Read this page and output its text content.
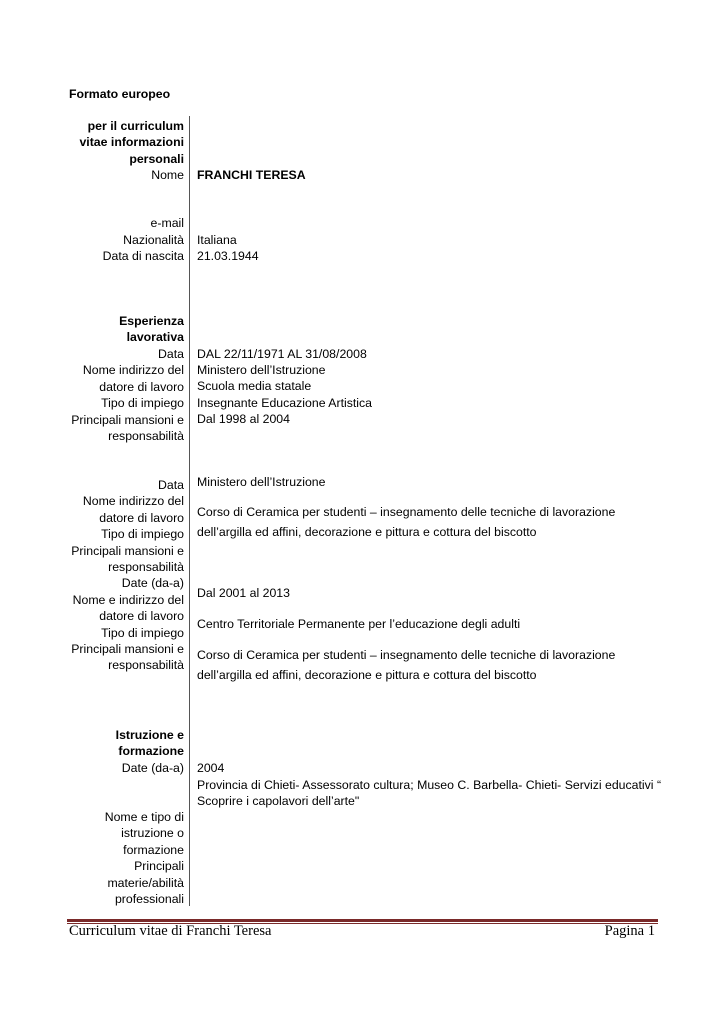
Formato europeo
per il curriculum
vitae informazioni
personali
Nome FRANCHI TERESA
e-mail
Nazionalità Italiana
Data di nascita 21.03.1944
Esperienza
lavorativa
Data
Nome indirizzo del
datore di lavoro
Tipo di impiego
Principali mansioni e
responsabilità
DAL 22/11/1971 AL 31/08/2008
Ministero dell’Istruzione
Scuola media statale
Insegnante Educazione Artistica
Dal 1998 al 2004
Data
Nome indirizzo del
datore di lavoro
Tipo di impiego
Principali mansioni e
responsabilità
Date (da-a)
Nome e indirizzo del
datore di lavoro
Tipo di impiego
Principali mansioni e
responsabilità
Ministero dell’Istruzione
Corso di Ceramica per studenti – insegnamento delle tecniche di lavorazione dell’argilla ed affini, decorazione e pittura e cottura del biscotto
Dal 2001 al 2013
Centro Territoriale Permanente per l’educazione degli adulti
Corso di Ceramica per studenti – insegnamento delle tecniche di lavorazione dell’argilla ed affini, decorazione e pittura e cottura del biscotto
Istruzione e
formazione
Date (da-a) 2004
Provincia di Chieti- Assessorato cultura; Museo C. Barbella- Chieti- Servizi educativi “ Scoprire i capolavori dell’arte"
Nome e tipo di
istruzione o
formazione
Principali
materie/abilità
professionali
Curriculum vitae di Franchi Teresa	Pagina 1
